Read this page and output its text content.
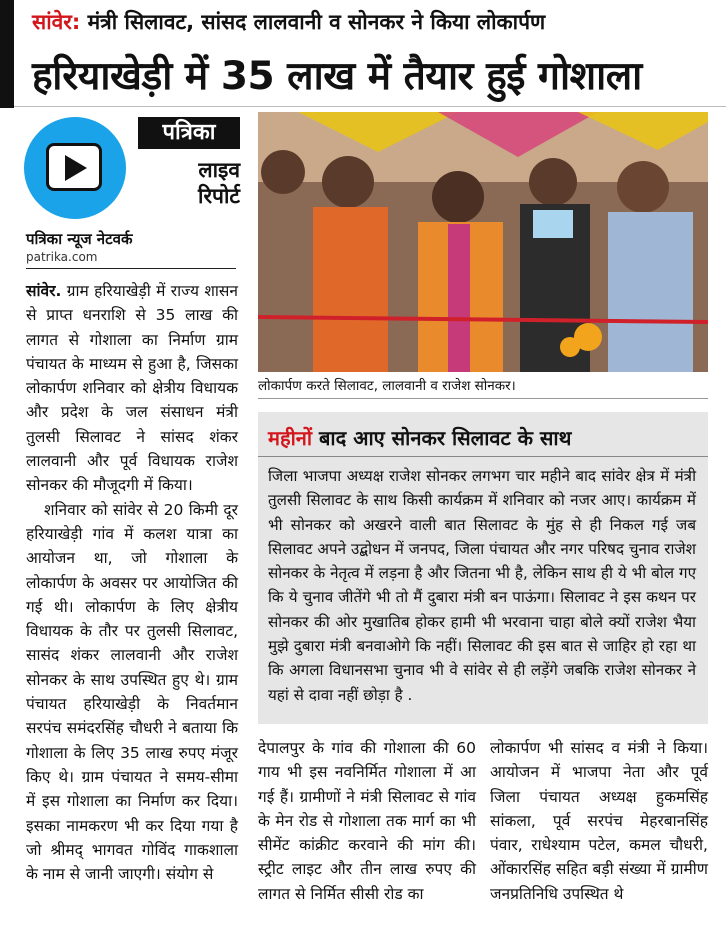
सांवेर: मंत्री सिलावट, सांसद लालवानी व सोनकर ने किया लोकार्पण
हरियाखेड़ी में 35 लाख में तैयार हुई गोशाला
पत्रिका
लाइव
रिपोर्ट
पत्रिका न्यूज नेटवर्क
patrika.com

सांवेर. ग्राम हरियाखेड़ी में राज्य शासन से प्राप्त धनराशि से 35 लाख की लागत से गोशाला का निर्माण ग्राम पंचायत के माध्यम से हुआ है, जिसका लोकार्पण शनिवार को क्षेत्रीय विधायक और प्रदेश के जल संसाधन मंत्री तुलसी सिलावट ने सांसद शंकर लालवानी और पूर्व विधायक राजेश सोनकर की मौजूदगी में किया।

शनिवार को सांवेर से 20 किमी दूर हरियाखेड़ी गांव में कलश यात्रा का आयोजन था, जो गोशाला के लोकार्पण के अवसर पर आयोजित की गई थी। लोकार्पण के लिए क्षेत्रीय विधायक के तौर पर तुलसी सिलावट, सासंद शंकर लालवानी और राजेश सोनकर के साथ उपस्थित हुए थे। ग्राम पंचायत हरियाखेड़ी के निवर्तमान सरपंच समंदरसिंह चौधरी ने बताया कि गोशाला के लिए 35 लाख रुपए मंजूर किए थे। ग्राम पंचायत ने समय-सीमा में इस गोशाला का निर्माण कर दिया। इसका नामकरण भी कर दिया गया है जो श्रीमद् भागवत गोविंद गाकशाला के नाम से जानी जाएगी। संयोग से

लोकार्पण करते सिलावट, लालवानी व राजेश सोनकर।
महीनों बाद आए सोनकर सिलावट के साथ

जिला भाजपा अध्यक्ष राजेश सोनकर लगभग चार महीने बाद सांवेर क्षेत्र में मंत्री तुलसी सिलावट के साथ किसी कार्यक्रम में शनिवार को नजर आए। कार्यक्रम में भी सोनकर को अखरने वाली बात सिलावट के मुंह से ही निकल गई जब सिलावट अपने उद्बोधन में जनपद, जिला पंचायत और नगर परिषद चुनाव राजेश सोनकर के नेतृत्व में लड़ना है और जितना भी है, लेकिन साथ ही ये भी बोल गए कि ये चुनाव जीतेंगे भी तो मैं दुबारा मंत्री बन पाऊंगा। सिलावट ने इस कथन पर सोनकर की ओर मुखातिब होकर हामी भी भरवाना चाहा बोले क्यों राजेश भैया मुझे दुबारा मंत्री बनवाओगे कि नहीं। सिलावट की इस बात से जाहिर हो रहा था कि अगला विधानसभा चुनाव भी वे सांवेर से ही लड़ेंगे जबकि राजेश सोनकर ने यहां से दावा नहीं छोड़ा है .

देपालपुर के गांव की गोशाला की 60 गाय भी इस नवनिर्मित गोशाला में आ गई हैं। ग्रामीणों ने मंत्री सिलावट से गांव के मेन रोड से गोशाला तक मार्ग का भी सीमेंट कांक्रीट करवाने की मांग की। स्ट्रीट लाइट और तीन लाख रुपए की लागत से निर्मित सीसी रोड का

लोकार्पण भी सांसद व मंत्री ने किया। आयोजन में भाजपा नेता और पूर्व जिला पंचायत अध्यक्ष हुकमसिंह सांकला, पूर्व सरपंच मेहरबानसिंह पंवार, राधेश्याम पटेल, कमल चौधरी, ओंकारसिंह सहित बड़ी संख्या में ग्रामीण जनप्रतिनिधि उपस्थित थे
